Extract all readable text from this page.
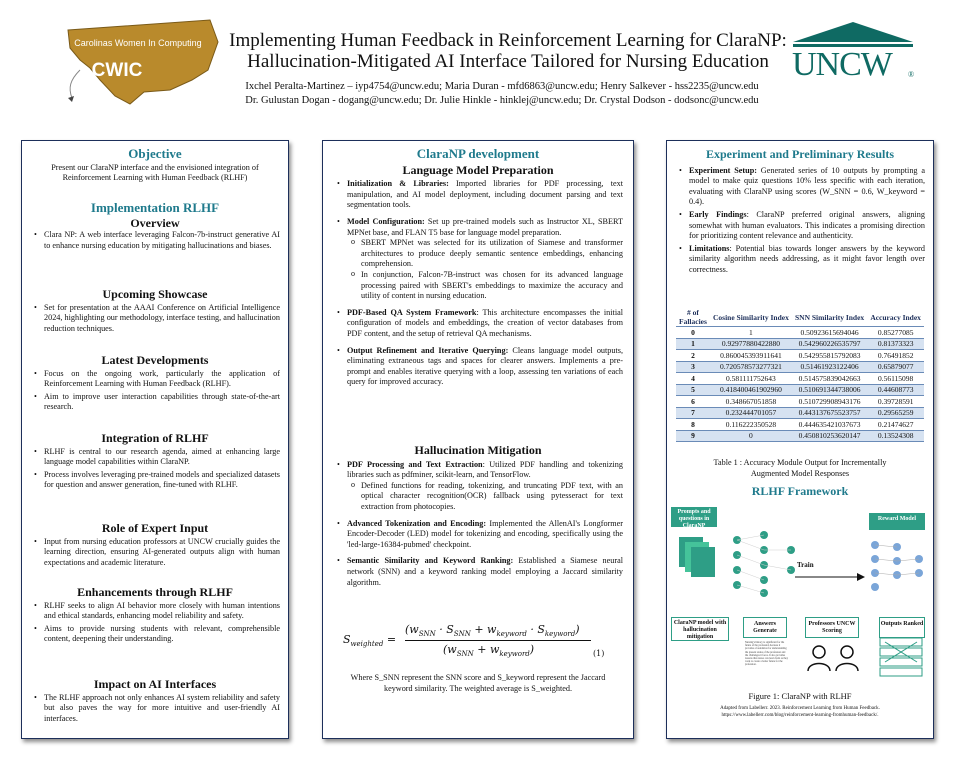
Carolinas Women In Computing
CWIC
Implementing Human Feedback in Reinforcement Learning for ClaraNP:
Hallucination-Mitigated AI Interface Tailored for Nursing Education
Ixchel Peralta-Martinez – iyp4754@uncw.edu; Maria Duran - mfd6863@uncw.edu; Henry Salkever - hss2235@uncw.edu
Dr. Gulustan Dogan - dogang@uncw.edu; Dr. Julie Hinkle - hinklej@uncw.edu; Dr. Crystal Dodson - dodsonc@uncw.edu
UNCW ®
Objective
Present our ClaraNP interface and the envisioned integration of Reinforcement Learning with Human Feedback (RLHF)
Implementation RLHF
Overview
• Clara NP: A web interface leveraging Falcon-7b-instruct generative AI to enhance nursing education by mitigating hallucinations and biases.
Upcoming Showcase
• Set for presentation at the AAAI Conference on Artificial Intelligence 2024, highlighting our methodology, interface testing, and hallucination reduction techniques.
Latest Developments
• Focus on the ongoing work, particularly the application of Reinforcement Learning with Human Feedback (RLHF).
• Aim to improve user interaction capabilities through state-of-the-art research.
Integration of RLHF
• RLHF is central to our research agenda, aimed at enhancing large language model capabilities within ClaraNP.
• Process involves leveraging pre-trained models and specialized datasets for question and answer generation, fine-tuned with RLHF.
Role of Expert Input
• Input from nursing education professors at UNCW crucially guides the learning direction, ensuring AI-generated outputs align with human expectations and academic literature.
Enhancements through RLHF
• RLHF seeks to align AI behavior more closely with human intentions and ethical standards, enhancing model reliability and safety.
• Aims to provide nursing students with relevant, comprehensible content, deepening their understanding.
Impact on AI Interfaces
• The RLHF approach not only enhances AI system reliability and safety but also paves the way for more intuitive and user-friendly AI interfaces.
ClaraNP development
Language Model Preparation
• Initialization & Libraries: Imported libraries for PDF processing, text manipulation, and AI model deployment, including document parsing and text segmentation tools.
• Model Configuration: Set up pre-trained models such as Instructor XL, SBERT MPNet base, and FLAN T5 base for language model preparation.
o SBERT MPNet was selected for its utilization of Siamese and transformer architectures to produce deeply semantic sentence embeddings, enhancing comprehension.
o In conjunction, Falcon-7B-instruct was chosen for its advanced language processing paired with SBERT's embeddings to maximize the accuracy and utility of content in nursing education.
• PDF-Based QA System Framework: This architecture encompasses the initial configuration of models and embeddings, the creation of vector databases from PDF content, and the setup of retrieval QA mechanisms.
• Output Refinement and Iterative Querying: Cleans language model outputs, eliminating extraneous tags and spaces for clearer answers. Implements a pre-prompt and enables iterative querying with a loop, assessing ten variations of each query for improved accuracy.
Hallucination Mitigation
• PDF Processing and Text Extraction: Utilized PDF handling and tokenizing libraries such as pdfminer, scikit-learn, and TensorFlow.
o Defined functions for reading, tokenizing, and truncating PDF text, with an optical character recognition(OCR) fallback using pytesseract for text extraction from photocopies.
• Advanced Tokenization and Encoding: Implemented the AllenAI's Longformer Encoder-Decoder (LED) model for tokenizing and encoding, specifically using the 'led-large-16384-pubmed' checkpoint.
• Semantic Similarity and Keyword Ranking: Established a Siamese neural network (SNN) and a keyword ranking model employing a Jaccard similarity algorithm.
$S_{weighted}$ =
$(w_{SNN} \cdot S_{SNN} + w_{keyword} \cdot S_{keyword})$
$(w_{SNN} + w_{keyword})$	(1)
Where S_SNN represent the SNN score and S_keyword represent the Jaccard keyword similarity. The weighted average is S_weighted.
Experiment and Preliminary Results
• Experiment Setup: Generated series of 10 outputs by prompting a model to make quiz questions 10% less specific with each iteration, evaluating with ClaraNP using scores (W_SNN = 0.6, W_keyword = 0.4).
• Early Findings: ClaraNP preferred original answers, aligning somewhat with human evaluators. This indicates a promising direction for prioritizing content relevance and authenticity.
• Limitations: Potential bias towards longer answers by the keyword similarity algorithm needs addressing, as it might favor length over correctness.
# of Fallacies	Cosine Similarity Index	SNN Similarity Index	Accuracy Index
0	1	0.50923615694046	0.85277085
1	0.92977880422880	0.542960226535797	0.81373323
2	0.860045393911641	0.542955815792083	0.76491852
3	0.720578573277321	0.51461923122406	0.65879077
4	0.581111752643	0.514575839042663	0.56115098
5	0.418400461902960	0.510691344738006	0.44608773
6	0.348667051858	0.510729908943176	0.39728591
7	0.232444701057	0.443137675523757	0.29565259
8	0.116222350528	0.444635421037673	0.21474627
9	0	0.450810253620147	0.13524308
Table 1 : Accuracy Module Output for Incrementally Augmented Model Responses
RLHF Framework
Prompts and questions in ClaraNP
Reward Model
Train
ClaraNP model with hallucination mitigation
Answers Generate
Professors UNCW Scoring
Outputs Ranked
Nursing's history is significant for the future of the profession because it provides a foundation for understanding the present status of the profession and the challenges it faces. It also provides lessons that nurses can learn from as they work to create a better future for the profession.
Figure 1: ClaraNP with RLHF
Adapted from Labellerr. 2023. Reinforcement Learning from Human Feedback.
https://www.labellerr.com/blog/reinforcement-learning-fromhuman-feedback/.
